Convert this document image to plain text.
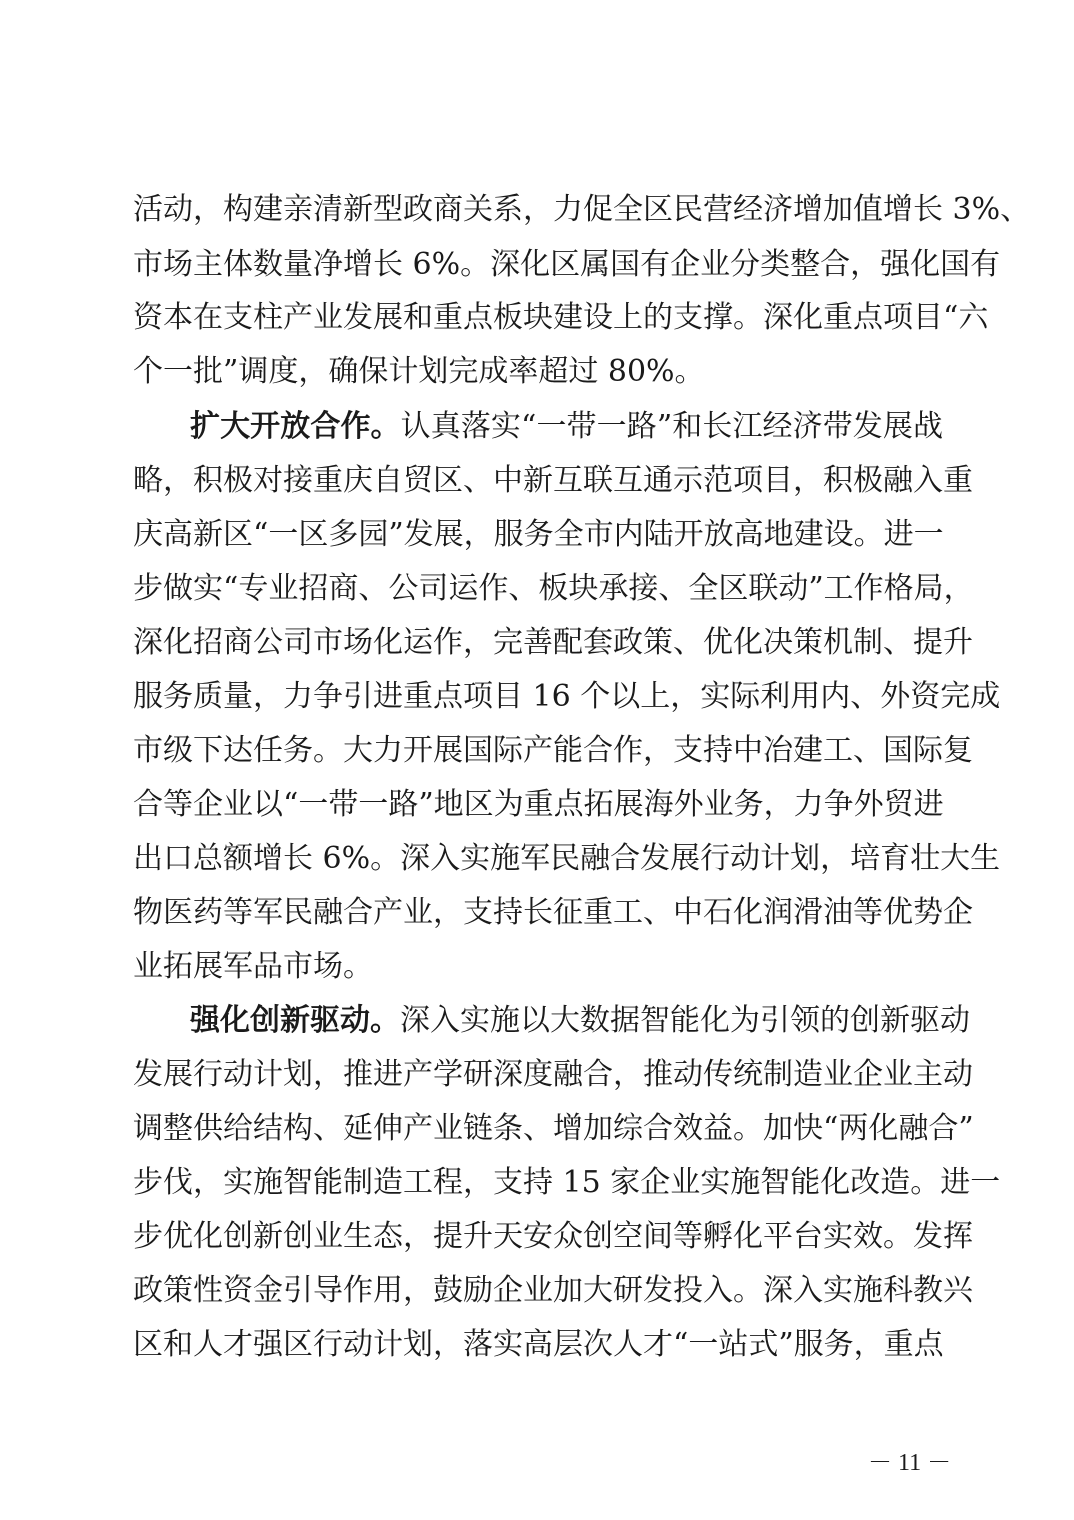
活动，构建亲清新型政商关系，力促全区民营经济增加值增长 3%、
市场主体数量净增长 6%。深化区属国有企业分类整合，强化国有
资本在支柱产业发展和重点板块建设上的支撑。深化重点项目“六
个一批”调度，确保计划完成率超过 80%。
扩大开放合作。认真落实“一带一路”和长江经济带发展战
略，积极对接重庆自贸区、中新互联互通示范项目，积极融入重
庆高新区“一区多园”发展，服务全市内陆开放高地建设。进一
步做实“专业招商、公司运作、板块承接、全区联动”工作格局，
深化招商公司市场化运作，完善配套政策、优化决策机制、提升
服务质量，力争引进重点项目 16 个以上，实际利用内、外资完成
市级下达任务。大力开展国际产能合作，支持中冶建工、国际复
合等企业以“一带一路”地区为重点拓展海外业务，力争外贸进
出口总额增长 6%。深入实施军民融合发展行动计划，培育壮大生
物医药等军民融合产业，支持长征重工、中石化润滑油等优势企
业拓展军品市场。
强化创新驱动。深入实施以大数据智能化为引领的创新驱动
发展行动计划，推进产学研深度融合，推动传统制造业企业主动
调整供给结构、延伸产业链条、增加综合效益。加快“两化融合”
步伐，实施智能制造工程，支持 15 家企业实施智能化改造。进一
步优化创新创业生态，提升天安众创空间等孵化平台实效。发挥
政策性资金引导作用，鼓励企业加大研发投入。深入实施科教兴
区和人才强区行动计划，落实高层次人才“一站式”服务，重点
－ 11 －
